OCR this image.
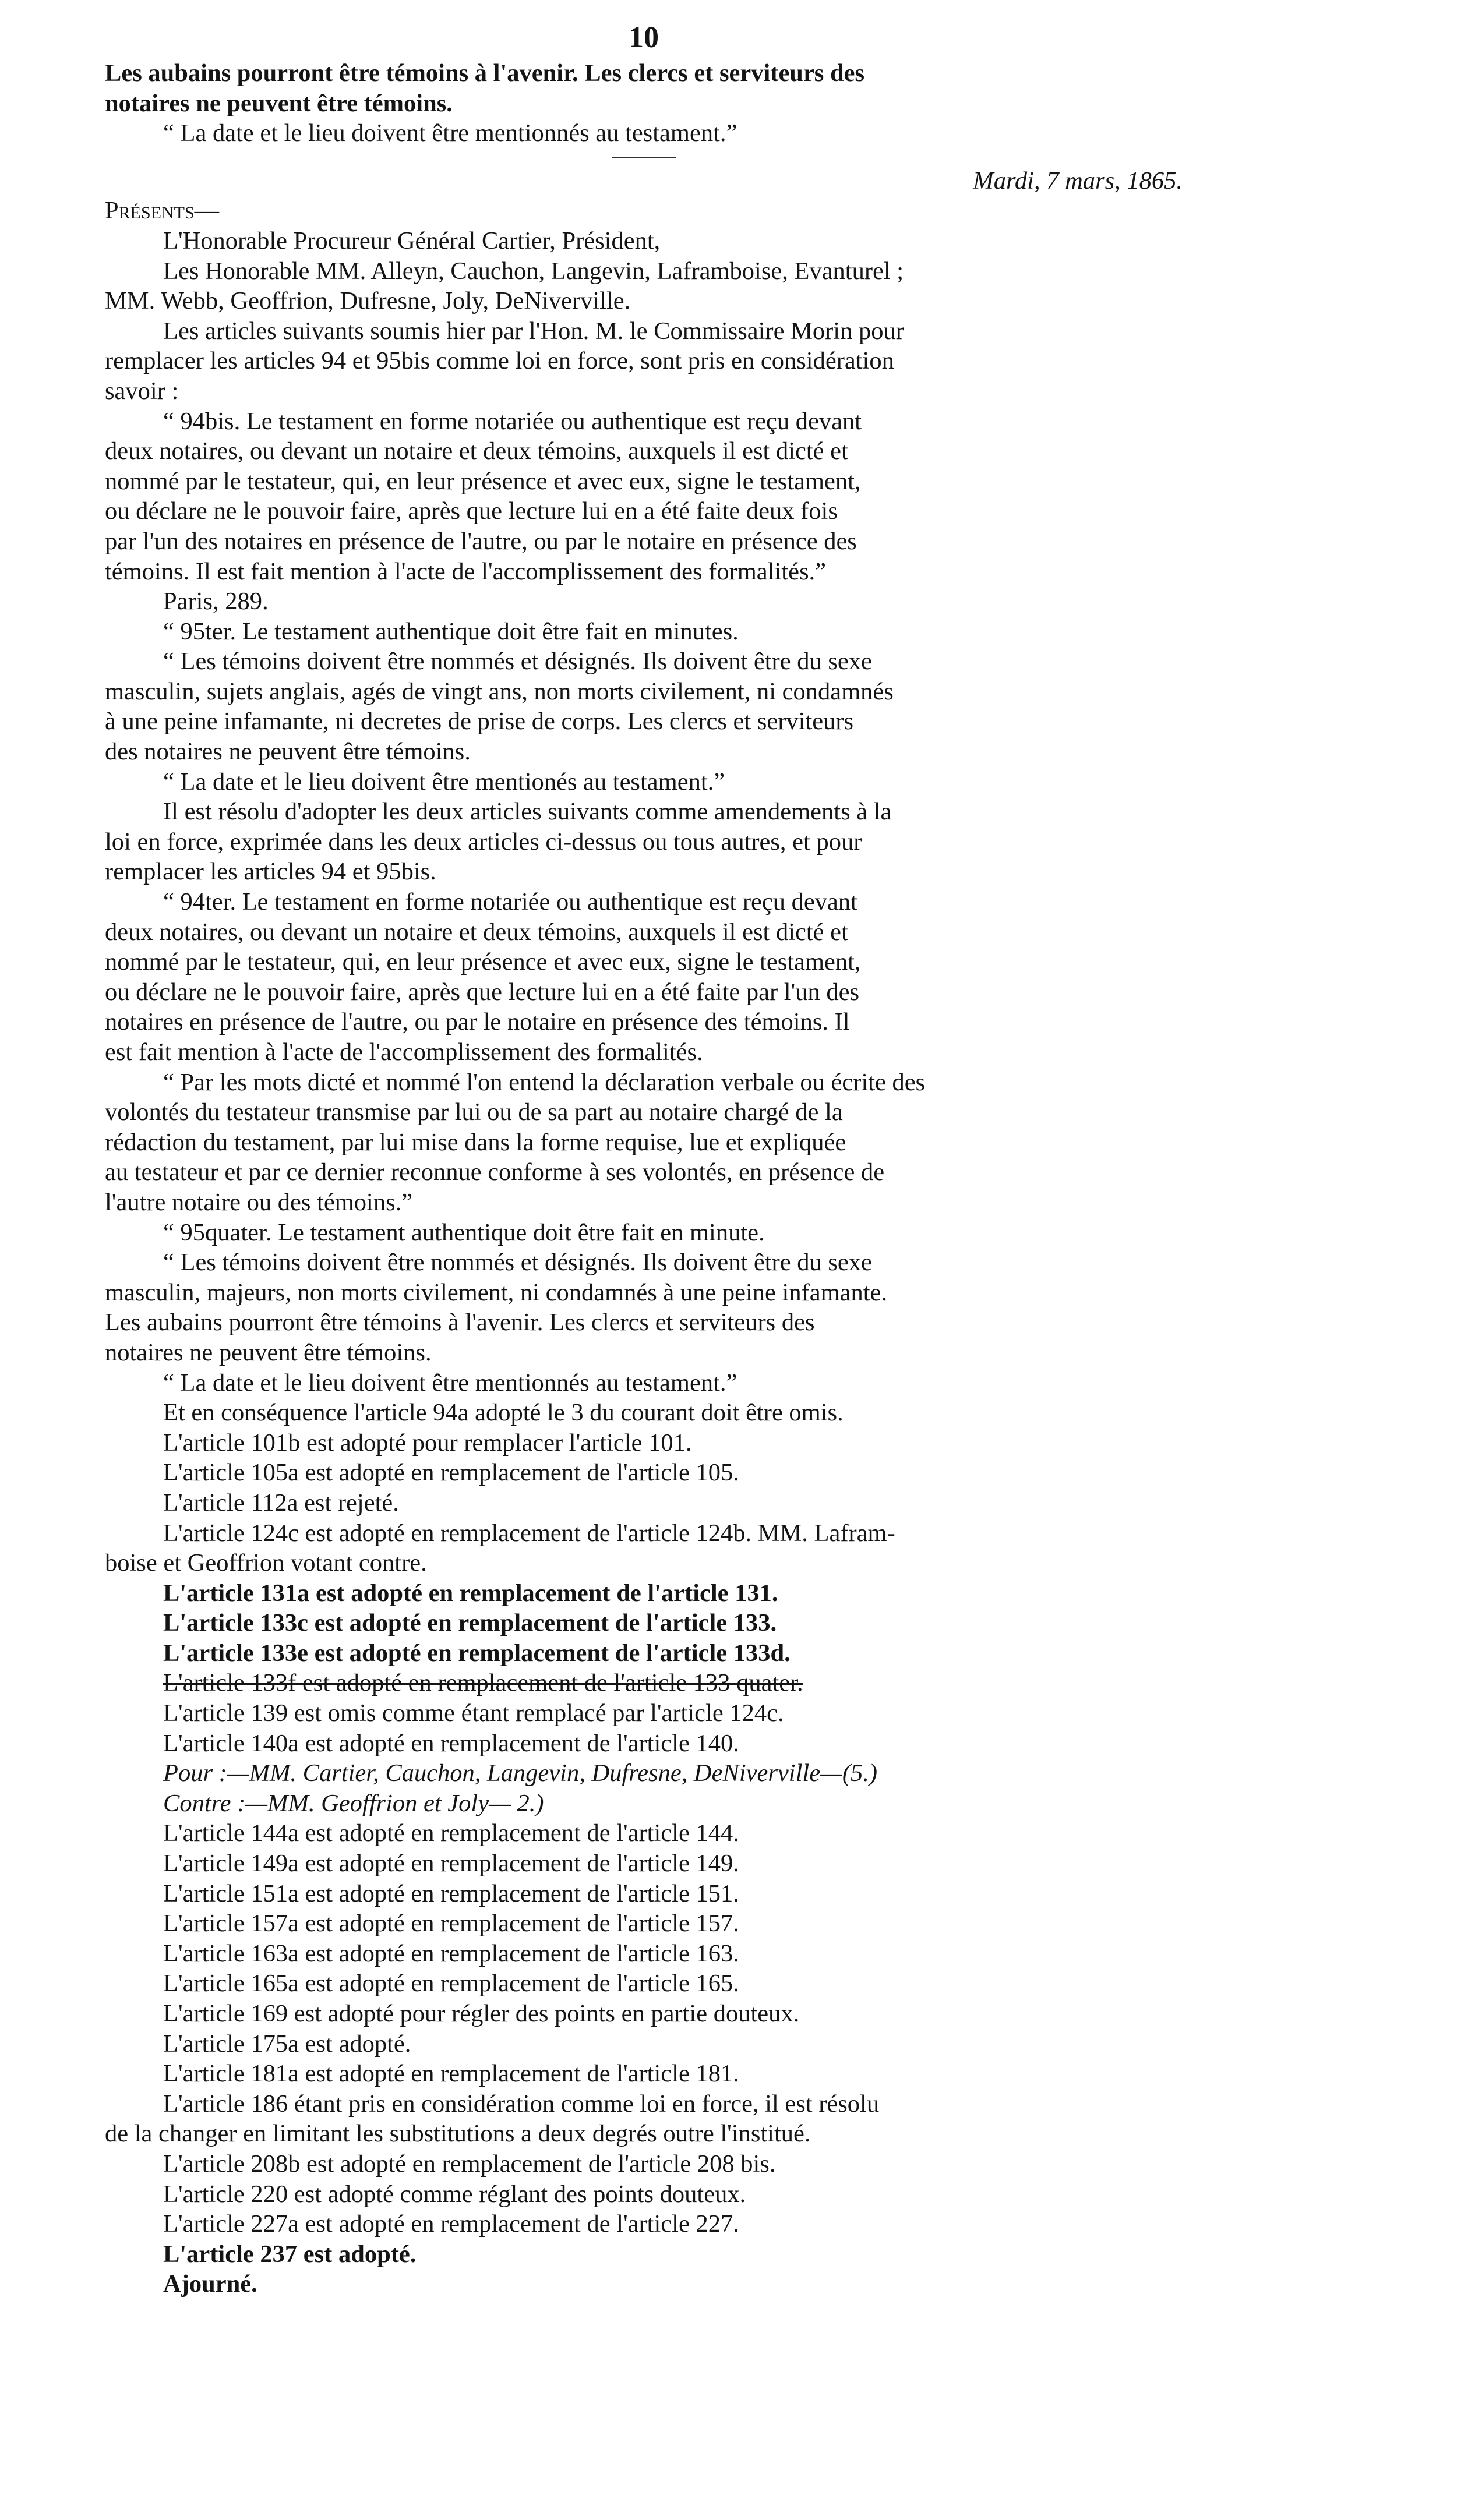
10

Les aubains pourront être témoins à l'avenir. Les clercs et serviteurs des

notaires ne peuvent être témoins.

“ La date et le lieu doivent être mentionnés au testament.”

Mardi, 7 mars, 1865.

Présents—

L'Honorable Procureur Général Cartier, Président,

Les Honorable MM. Alleyn, Cauchon, Langevin, Laframboise, Evanturel ;

MM. Webb, Geoffrion, Dufresne, Joly, DeNiverville.

Les articles suivants soumis hier par l'Hon. M. le Commissaire Morin pour

remplacer les articles 94 et 95bis comme loi en force, sont pris en considération

savoir :

“ 94bis. Le testament en forme notariée ou authentique est reçu devant

deux notaires, ou devant un notaire et deux témoins, auxquels il est dicté et

nommé par le testateur, qui, en leur présence et avec eux, signe le testament,

ou déclare ne le pouvoir faire, après que lecture lui en a été faite deux fois

par l'un des notaires en présence de l'autre, ou par le notaire en présence des

témoins. Il est fait mention à l'acte de l'accomplissement des formalités.”

Paris, 289.

“ 95ter. Le testament authentique doit être fait en minutes.

“ Les témoins doivent être nommés et désignés. Ils doivent être du sexe

masculin, sujets anglais, agés de vingt ans, non morts civilement, ni condamnés

à une peine infamante, ni decretes de prise de corps. Les clercs et serviteurs

des notaires ne peuvent être témoins.

“ La date et le lieu doivent être mentionés au testament.”

Il est résolu d'adopter les deux articles suivants comme amendements à la

loi en force, exprimée dans les deux articles ci-dessus ou tous autres, et pour

remplacer les articles 94 et 95bis.

“ 94ter. Le testament en forme notariée ou authentique est reçu devant

deux notaires, ou devant un notaire et deux témoins, auxquels il est dicté et

nommé par le testateur, qui, en leur présence et avec eux, signe le testament,

ou déclare ne le pouvoir faire, après que lecture lui en a été faite par l'un des

notaires en présence de l'autre, ou par le notaire en présence des témoins. Il

est fait mention à l'acte de l'accomplissement des formalités.

“ Par les mots dicté et nommé l'on entend la déclaration verbale ou écrite des

volontés du testateur transmise par lui ou de sa part au notaire chargé de la

rédaction du testament, par lui mise dans la forme requise, lue et expliquée

au testateur et par ce dernier reconnue conforme à ses volontés, en présence de

l'autre notaire ou des témoins.”

“ 95quater. Le testament authentique doit être fait en minute.

“ Les témoins doivent être nommés et désignés. Ils doivent être du sexe

masculin, majeurs, non morts civilement, ni condamnés à une peine infamante.

Les aubains pourront être témoins à l'avenir. Les clercs et serviteurs des

notaires ne peuvent être témoins.

“ La date et le lieu doivent être mentionnés au testament.”

Et en conséquence l'article 94a adopté le 3 du courant doit être omis.

L'article 101b est adopté pour remplacer l'article 101.

L'article 105a est adopté en remplacement de l'article 105.

L'article 112a est rejeté.

L'article 124c est adopté en remplacement de l'article 124b. MM. Lafram-

boise et Geoffrion votant contre.

L'article 131a est adopté en remplacement de l'article 131.

L'article 133c est adopté en remplacement de l'article 133.

L'article 133e est adopté en remplacement de l'article 133d.

L'article 133f est adopté en remplacement de l'article 133 quater.

L'article 139 est omis comme étant remplacé par l'article 124c.

L'article 140a est adopté en remplacement de l'article 140.

Pour :—MM. Cartier, Cauchon, Langevin, Dufresne, DeNiverville—(5.)

Contre :—MM. Geoffrion et Joly— 2.)

L'article 144a est adopté en remplacement de l'article 144.

L'article 149a est adopté en remplacement de l'article 149.

L'article 151a est adopté en remplacement de l'article 151.

L'article 157a est adopté en remplacement de l'article 157.

L'article 163a est adopté en remplacement de l'article 163.

L'article 165a est adopté en remplacement de l'article 165.

L'article 169 est adopté pour régler des points en partie douteux.

L'article 175a est adopté.

L'article 181a est adopté en remplacement de l'article 181.

L'article 186 étant pris en considération comme loi en force, il est résolu

de la changer en limitant les substitutions a deux degrés outre l'institué.

L'article 208b est adopté en remplacement de l'article 208 bis.

L'article 220 est adopté comme réglant des points douteux.

L'article 227a est adopté en remplacement de l'article 227.

L'article 237 est adopté.

Ajourné.
